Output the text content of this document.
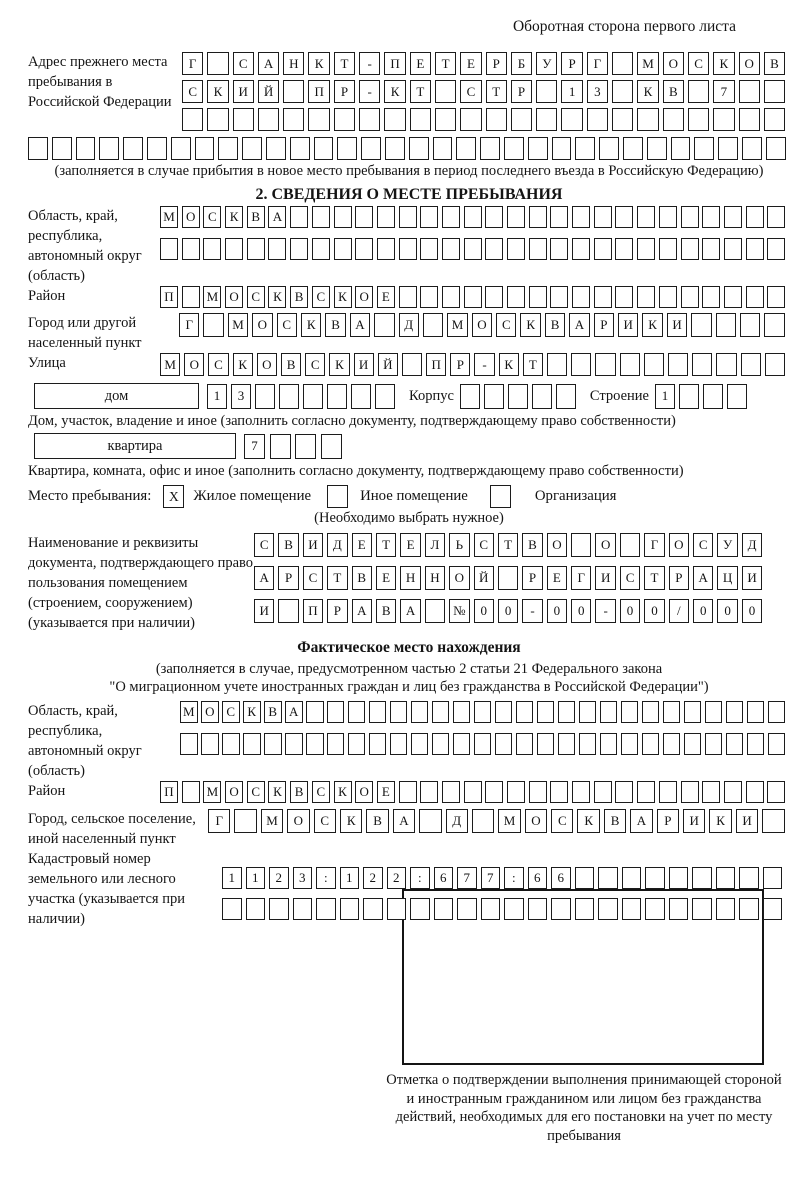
Оборотная сторона первого листа
Адрес прежнего места пребывания в Российской Федерации
Г	С	А	Н	К	Т	-	П	Е	Т	Е	Р	Б	У	Р	Г	М	О	С	К	О	В
С	К	И	Й	П	Р	-	К	Т	С	Т	Р	1	3	К	В	7
(заполняется в случае прибытия в новое место пребывания в период последнего въезда в Российскую Федерацию)
2. СВЕДЕНИЯ О МЕСТЕ ПРЕБЫВАНИЯ
Область, край, республика, автономный округ (область)
М О С	К	В А
Район	П	М О С	К	В	С	К О	Е
Город или другой населенный пункт
Г	М	О	С	К	В	А	Д	М	О	С	К	В	А	Р	И	К	И
Улица	М	О	С	К	О	В	С	К	И	Й	П	Р	-	К	Т
дом	1	3	Корпус	Строение 1
Дом, участок, владение и иное (заполнить согласно документу, подтверждающему право собственности)
квартира	7
Квартира, комната, офис и иное (заполнить согласно документу, подтверждающему право собственности)
Место пребывания:	X Жилое помещение	Иное помещение	Организация
(Необходимо выбрать нужное)
Наименование и реквизиты документа, подтверждающего право пользования помещением (строением, сооружением) (указывается при наличии)
С	В	И	Д	Е	Т	Е	Л	Ь	С	Т	В	О	О	Г	О	С	У	Д
А	Р	С	Т	В	Е	Н	Н	О	Й	Р	Е	Г	И	С	Т	Р	А	Ц	И
И	П	Р	А	В	А	№	0	0	-	0	0	-	0	0	/	0	0	0
Фактическое место нахождения
(заполняется в случае, предусмотренном частью 2 статьи 21 Федерального закона
"О миграционном учете иностранных граждан и лиц без гражданства в Российской Федерации")
Область, край, республика, автономный округ (область)
М О С К В А
Район	П	М О С	К	В	С	К О	Е
Город, сельское поселение, иной населенный пункт
Г	М	О	С	К	В	А	Д	М	О	С	К	В	А	Р	И	К	И
Кадастровый номер земельного или лесного участка (указывается при наличии)
1	1	2	3	:	1	2	2	:	6	7	7	:	6	6
Отметка о подтверждении выполнения принимающей стороной и иностранным гражданином или лицом без гражданства действий, необходимых для его постановки на учет по месту пребывания
